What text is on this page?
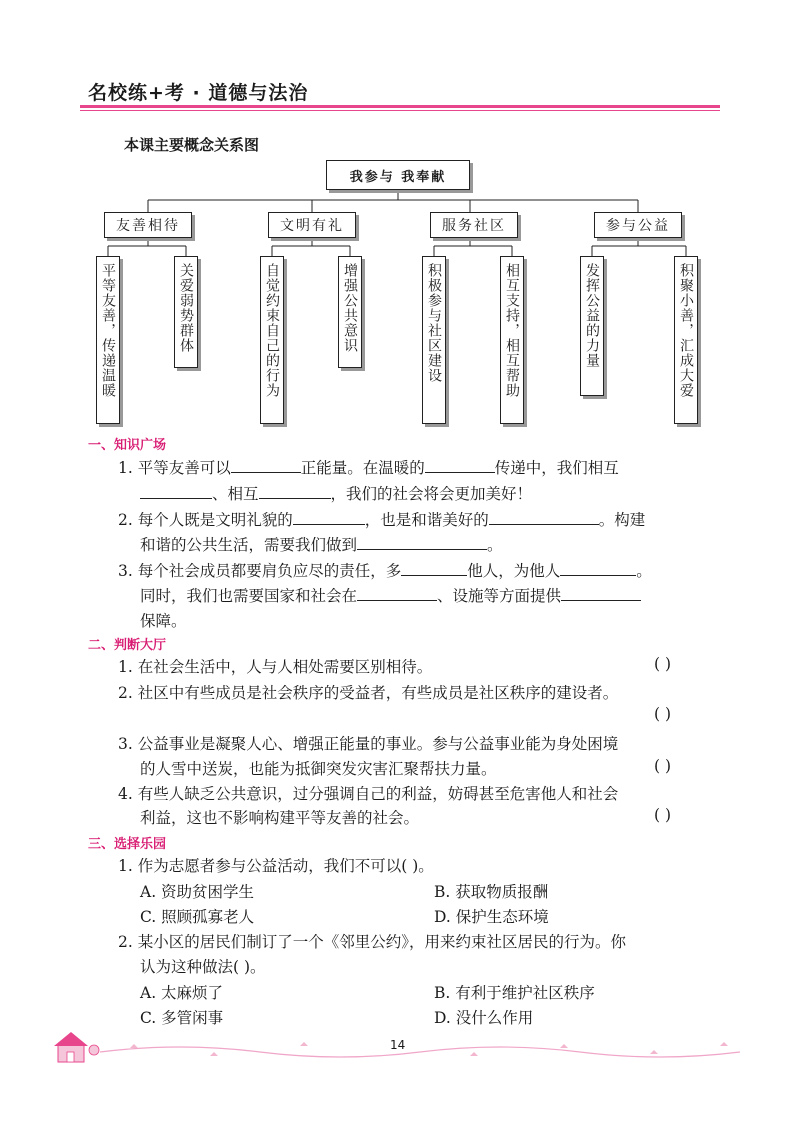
名校练+考 · 道德与法治
本课主要概念关系图
我参与 我奉献
友善相待	文明有礼	服务社区	参与公益
平等友善，传递温暖	关爱弱势群体	自觉约束自己的行为	增强公共意识	积极参与社区建设	相互支持，相互帮助	发挥公益的力量	积聚小善，汇成大爱
一、知识广场
1. 平等友善可以	正能量。在温暖的	传递中，我们相互
、相互	，我们的社会将会更加美好！
2. 每个人既是文明礼貌的	，也是和谐美好的	。构建
和谐的公共生活，需要我们做到	。
3. 每个社会成员都要肩负应尽的责任，多	他人，为他人	。
同时，我们也需要国家和社会在	、设施等方面提供
保障。
二、判断大厅
1. 在社会生活中，人与人相处需要区别相待。	( )
2. 社区中有些成员是社会秩序的受益者，有些成员是社区秩序的建设者。
( )
3. 公益事业是凝聚人心、增强正能量的事业。参与公益事业能为身处困境
的人雪中送炭，也能为抵御突发灾害汇聚帮扶力量。	( )
4. 有些人缺乏公共意识，过分强调自己的利益，妨碍甚至危害他人和社会
利益，这也不影响构建平等友善的社会。	( )
三、选择乐园
1. 作为志愿者参与公益活动，我们不可以( )。
A. 资助贫困学生	B. 获取物质报酬
C. 照顾孤寡老人	D. 保护生态环境
2. 某小区的居民们制订了一个《邻里公约》，用来约束社区居民的行为。你
认为这种做法( )。
A. 太麻烦了	B. 有利于维护社区秩序
C. 多管闲事	D. 没什么作用
14
